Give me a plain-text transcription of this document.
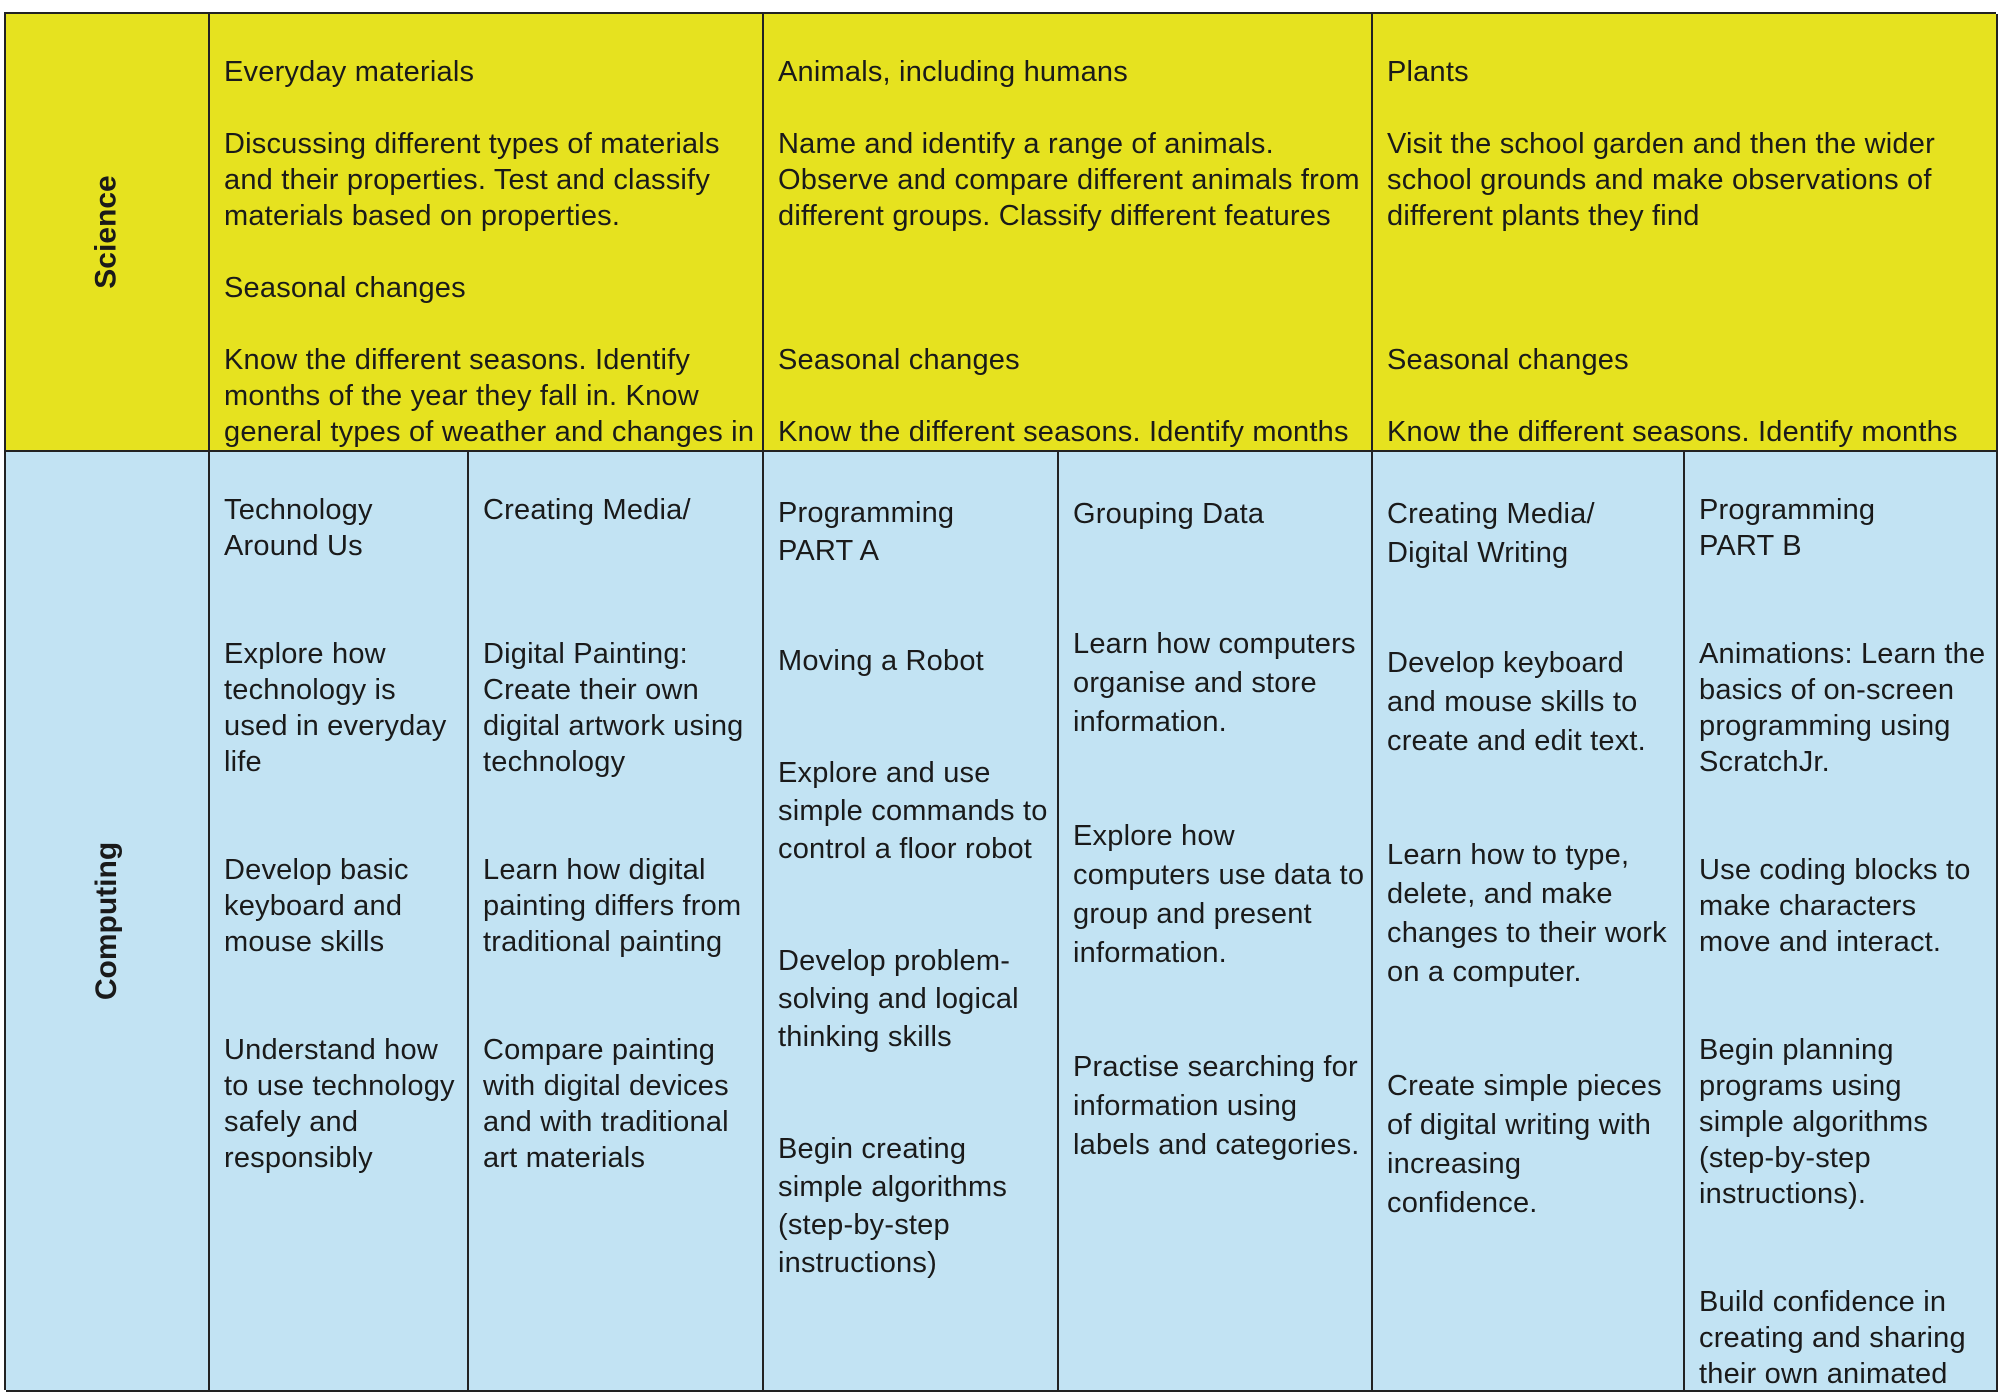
Science

Everyday materials

Discussing different types of materials and their properties. Test and classify materials based on properties.

Seasonal changes

Know the different seasons. Identify months of the year they fall in. Know general types of weather and changes in

Animals, including humans

Name and identify a range of animals. Observe and compare different animals from different groups. Classify different features

Seasonal changes

Know the different seasons. Identify months

Plants

Visit the school garden and then the wider school grounds and make observations of different plants they find

Seasonal changes

Know the different seasons. Identify months

Computing

Technology
Around Us

Explore how technology is used in everyday life

Develop basic keyboard and mouse skills

Understand how to use technology safely and responsibly

Creating Media/

Digital Painting: Create their own digital artwork using technology

Learn how digital painting differs from traditional painting

Compare painting with digital devices and with traditional art materials

Programming
PART A

Moving a Robot

Explore and use simple commands to control a floor robot

Develop problem-solving and logical thinking skills

Begin creating simple algorithms (step-by-step instructions)

Grouping Data

Learn how computers organise and store information.

Explore how computers use data to group and present information.

Practise searching for information using labels and categories.

Creating Media/
Digital Writing

Develop keyboard and mouse skills to create and edit text.

Learn how to type, delete, and make changes to their work on a computer.

Create simple pieces of digital writing with increasing confidence.

Programming
PART B

Animations: Learn the basics of on-screen programming using ScratchJr.

Use coding blocks to make characters move and interact.

Begin planning programs using simple algorithms (step-by-step instructions).

Build confidence in creating and sharing their own animated
